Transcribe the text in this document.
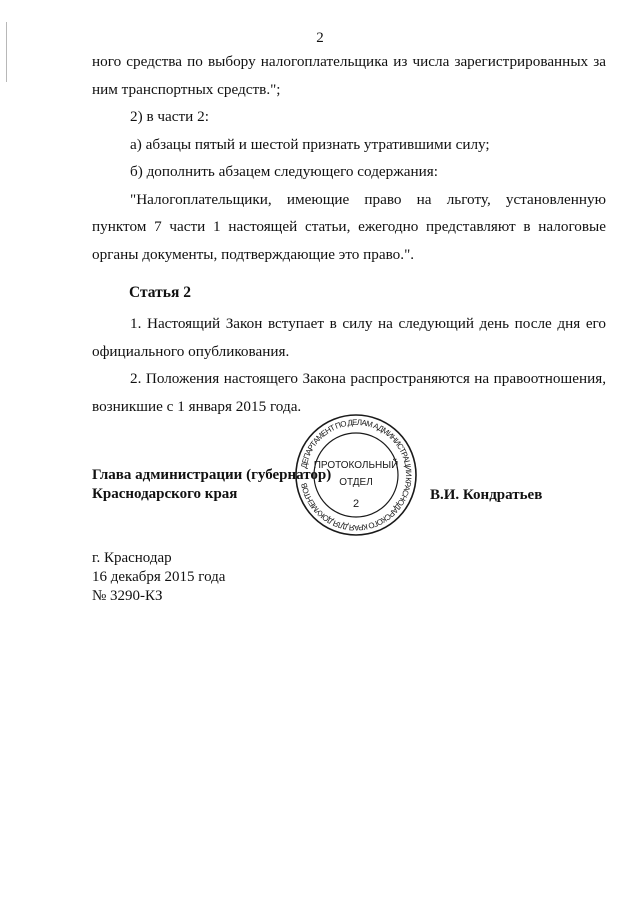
2

ного средства по выбору налогоплательщика из числа зарегистрированных за ним транспортных средств.";

2) в части 2:

а) абзацы пятый и шестой признать утратившими силу;

б) дополнить абзацем следующего содержания:

"Налогоплательщики, имеющие право на льготу, установленную пунктом 7 части 1 настоящей статьи, ежегодно представляют в налоговые органы документы, подтверждающие это право.".

Статья 2

1. Настоящий Закон вступает в силу на следующий день после дня его официального опубликования.

2. Положения настоящего Закона распространяются на правоотношения, возникшие с 1 января 2015 года.

Глава администрации (губернатор)
Краснодарского края
ДЕПАРТАМЕНТ ПО ДЕЛАМ АДМИНИСТРАЦИИ КРАСНОДАРСКОГО КРАЯ ДЛЯ ДОКУМЕНТОВ
ПРОТОКОЛЬНЫЙ
ОТДЕЛ
2
В.И. Кондратьев
г. Краснодар
16 декабря 2015 года
№ 3290-КЗ
